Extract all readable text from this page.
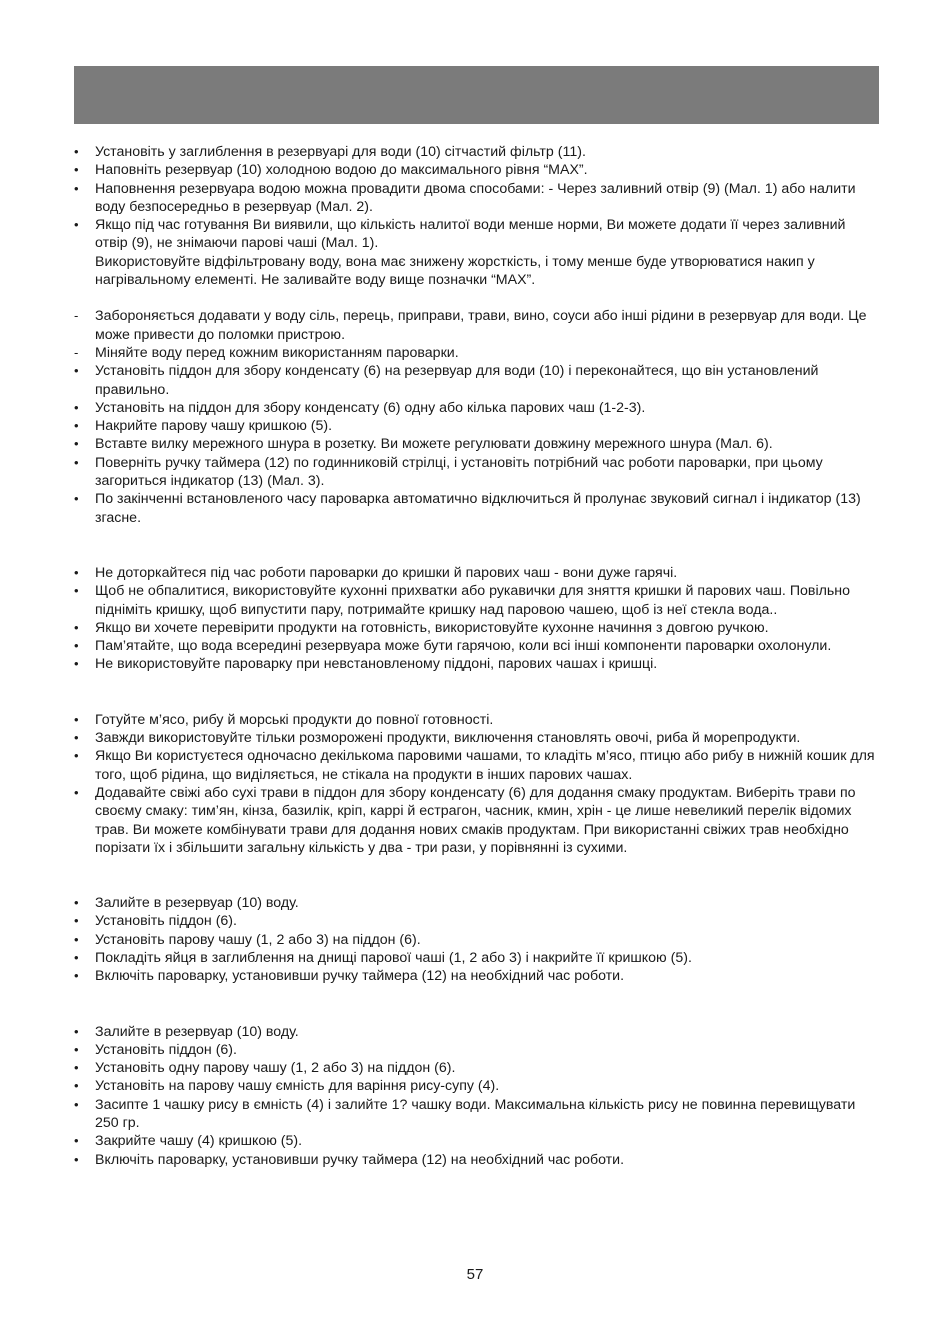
•	Установіть у заглиблення в резервуарі для води (10) сітчастий фільтр (11).
•	Наповніть резервуар (10) холодною водою до максимального рівня “MAX”.
•	Наповнення резервуара водою можна провадити двома способами: - Через заливний отвір (9) (Мал. 1) або налити воду безпосередньо в резервуар (Мал. 2).
•	Якщо під час готування Ви виявили, що кількість налитої води менше норми, Ви можете додати її через заливний отвір (9), не знімаючи парові чаші (Мал. 1).
Використовуйте відфільтровану воду, вона має знижену жорсткість, і тому менше буде утворюватися накип у нагрівальному елементі. Не заливайте воду вище позначки “MAX”.
-	Забороняється додавати у воду сіль, перець, приправи, трави, вино, соуси або інші рідини в резервуар для води. Це може привести до поломки пристрою.
-	Міняйте воду перед кожним використанням пароварки.
•	Установіть піддон для збору конденсату (6) на резервуар для води (10) і переконайтеся, що він установлений правильно.
•	Установіть на піддон для збору конденсату (6) одну або кілька парових чаш (1-2-3).
•	Накрийте парову чашу кришкою (5).
•	Вставте вилку мережного шнура в розетку. Ви можете регулювати довжину мережного шнура (Мал. 6).
•	Поверніть ручку таймера (12) по годинниковій стрілці, і установіть потрібний час роботи пароварки, при цьому загориться індикатор (13) (Мал. 3).
•	По закінченні встановленого часу пароварка автоматично відключиться й пролунає звуковий сигнал і індикатор (13) згасне.
•	Не доторкайтеся під час роботи пароварки до кришки й парових чаш - вони дуже гарячі.
•	Щоб не обпалитися, використовуйте кухонні прихватки або рукавички для зняття кришки й парових чаш. Повільно підніміть кришку, щоб випустити пару, потримайте кришку над паровою чашею, щоб із неї стекла вода..
•	Якщо ви хочете перевірити продукти на готовність, використовуйте кухонне начиння з довгою ручкою.
•	Пам’ятайте, що вода всередині резервуара може бути гарячою, коли всі інші компоненти пароварки охолонули.
•	Не використовуйте пароварку при невстановленому піддоні, парових чашах і кришці.
•	Готуйте м’ясо, рибу й морські продукти до повної готовності.
•	Завжди використовуйте тільки розморожені продукти, виключення становлять овочі, риба й морепродукти.
•	Якщо Ви користуєтеся одночасно декількома паровими чашами, то кладіть м’ясо, птицю або рибу в нижній кошик для того, щоб рідина, що виділяється, не стікала на продукти в інших парових чашах.
•	Додавайте свіжі або сухі трави в піддон для збору конденсату (6) для додання смаку продуктам. Виберіть трави по своєму смаку: тим’ян, кінза, базилік, кріп, каррі й естрагон, часник, кмин, хрін - це лише невеликий перелік відомих трав. Ви можете комбінувати трави для додання нових смаків продуктам. При використанні свіжих трав необхідно порізати їх і збільшити загальну кількість у два - три рази, у порівнянні із сухими.
•	Залийте в резервуар (10) воду.
•	Установіть піддон (6).
•	Установіть парову чашу (1, 2 або 3) на піддон (6).
•	Покладіть яйця в заглиблення на днищі парової чаші (1, 2 або 3) і накрийте її кришкою (5).
•	Включіть пароварку, установивши ручку таймера (12) на необхідний час роботи.
•	Залийте в резервуар (10) воду.
•	Установіть піддон (6).
•	Установіть одну парову чашу (1, 2 або 3) на піддон (6).
•	Установіть на парову чашу ємність для варіння рису-супу (4).
•	Засипте 1 чашку рису в ємність (4) і залийте 1? чашку води. Максимальна кількість рису не повинна перевищувати 250 гр.
•	Закрийте чашу (4) кришкою (5).
•	Включіть пароварку, установивши ручку таймера (12) на необхідний час роботи.
57
